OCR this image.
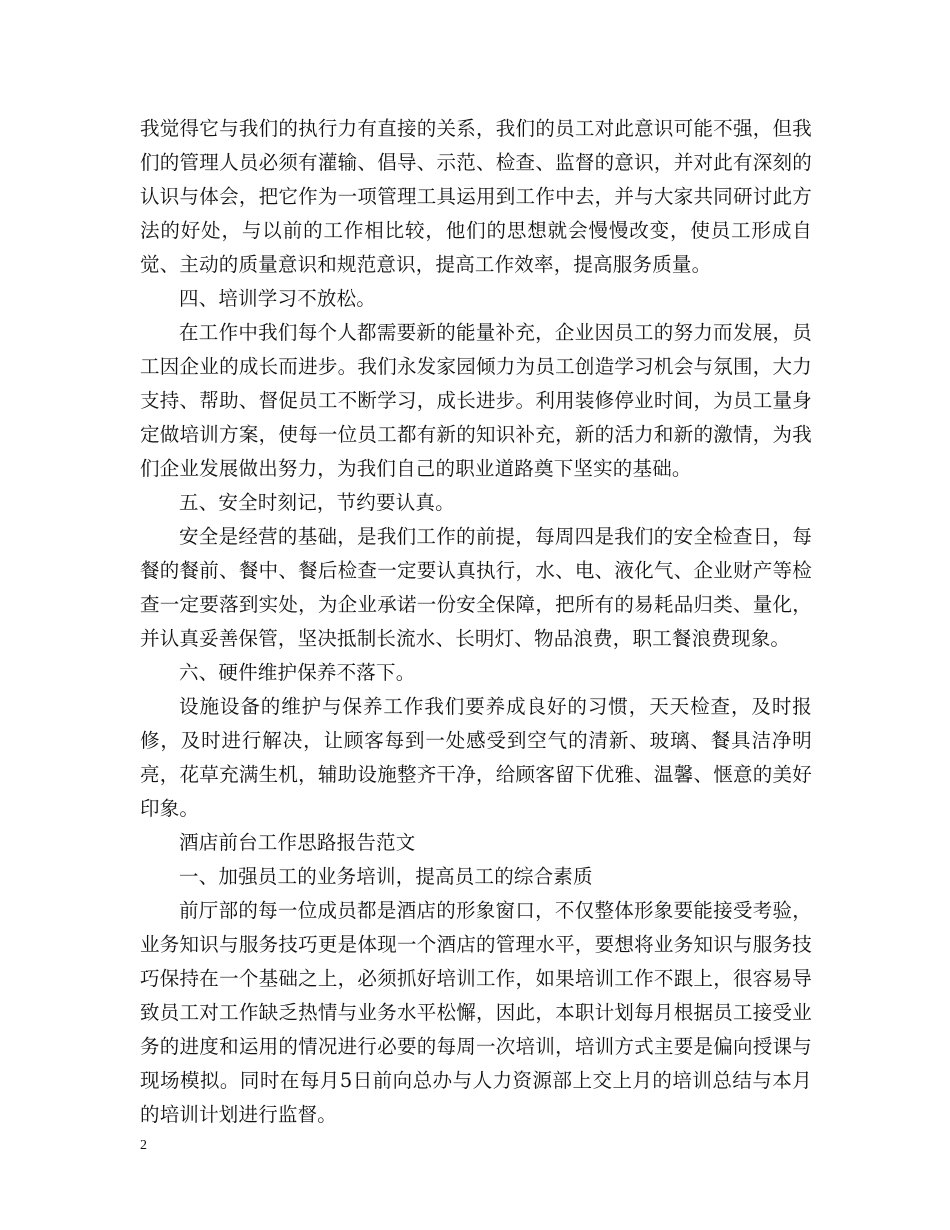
我觉得它与我们的执行力有直接的关系，我们的员工对此意识可能不强，但我们的管理人员必须有灌输、倡导、示范、检查、监督的意识，并对此有深刻的认识与体会，把它作为一项管理工具运用到工作中去，并与大家共同研讨此方法的好处，与以前的工作相比较，他们的思想就会慢慢改变，使员工形成自觉、主动的质量意识和规范意识，提高工作效率，提高服务质量。

四、培训学习不放松。

在工作中我们每个人都需要新的能量补充，企业因员工的努力而发展，员工因企业的成长而进步。我们永发家园倾力为员工创造学习机会与氛围，大力支持、帮助、督促员工不断学习，成长进步。利用装修停业时间，为员工量身定做培训方案，使每一位员工都有新的知识补充，新的活力和新的激情，为我们企业发展做出努力，为我们自己的职业道路奠下坚实的基础。

五、安全时刻记，节约要认真。

安全是经营的基础，是我们工作的前提，每周四是我们的安全检查日，每餐的餐前、餐中、餐后检查一定要认真执行，水、电、液化气、企业财产等检查一定要落到实处，为企业承诺一份安全保障，把所有的易耗品归类、量化，并认真妥善保管，坚决抵制长流水、长明灯、物品浪费，职工餐浪费现象。

六、硬件维护保养不落下。

设施设备的维护与保养工作我们要养成良好的习惯，天天检查，及时报修，及时进行解决，让顾客每到一处感受到空气的清新、玻璃、餐具洁净明亮，花草充满生机，辅助设施整齐干净，给顾客留下优雅、温馨、惬意的美好印象。

酒店前台工作思路报告范文

一、加强员工的业务培训，提高员工的综合素质

前厅部的每一位成员都是酒店的形象窗口，不仅整体形象要能接受考验，业务知识与服务技巧更是体现一个酒店的管理水平，要想将业务知识与服务技巧保持在一个基础之上，必须抓好培训工作，如果培训工作不跟上，很容易导致员工对工作缺乏热情与业务水平松懈，因此，本职计划每月根据员工接受业务的进度和运用的情况进行必要的每周一次培训，培训方式主要是偏向授课与现场模拟。同时在每月5日前向总办与人力资源部上交上月的培训总结与本月的培训计划进行监督。

2
